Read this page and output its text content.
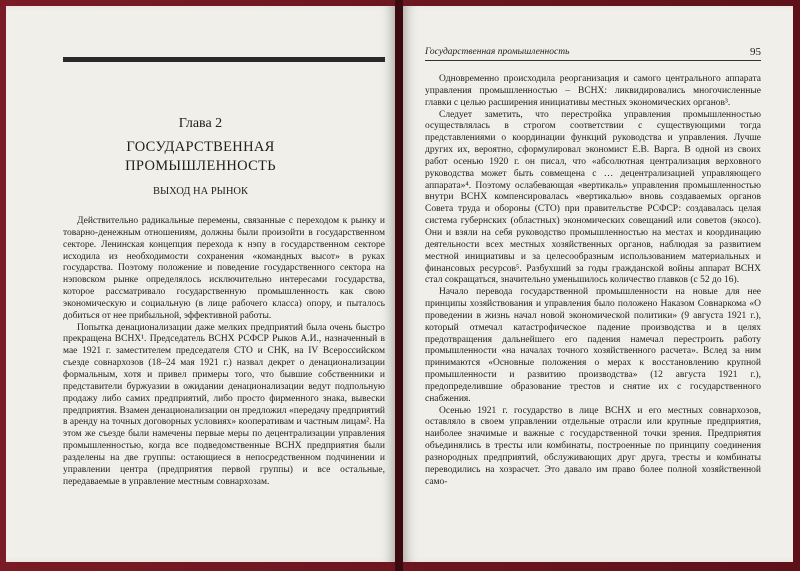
Глава 2
ГОСУДАРСТВЕННАЯ
ПРОМЫШЛЕННОСТЬ
ВЫХОД НА РЫНОК

Действительно радикальные перемены, связанные с переходом к рынку и товарно-денежным отношениям, должны были произойти в государственном секторе. Ленинская концепция перехода к нэпу в государственном секторе исходила из необходимости сохранения «командных высот» в руках государства. Поэтому положение и поведение государственного сектора на нэповском рынке определялось исключительно интересами государства, которое рассматривало государственную промышленность как свою экономическую и социальную (в лице рабочего класса) опору, и пыталось добиться от нее прибыльной, эффективной работы.

Попытка денационализации даже мелких предприятий была очень быстро прекращена ВСНХ¹. Председатель ВСНХ РСФСР Рыков А.И., назначенный в мае 1921 г. заместителем председателя СТО и СНК, на IV Всероссийском съезде совнархозов (18–24 мая 1921 г.) назвал декрет о денационализации формальным, хотя и привел примеры того, что бывшие собственники и представители буржуазии в ожидании денационализации ведут подпольную продажу либо самих предприятий, либо просто фирменного знака, вывески предприятия. Взамен денационализации он предложил «передачу предприятий в аренду на точных договорных условиях» кооперативам и частным лицам². На этом же съезде были намечены первые меры по децентрализации управления промышленностью, когда все подведомственные ВСНХ предприятия были разделены на две группы: остающиеся в непосредственном подчинении и управлении центра (предприятия первой группы) и все остальные, передаваемые в управление местным совнархозам.

Государственная промышленность	95

Одновременно происходила реорганизация и самого центрального аппарата управления промышленностью – ВСНХ: ликвидировались многочисленные главки с целью расширения инициативы местных экономических органов³.

Следует заметить, что перестройка управления промышленностью осуществлялась в строгом соответствии с существующими тогда представлениями о координации функций руководства и управления. Лучше других их, вероятно, сформулировал экономист Е.В. Варга. В одной из своих работ осенью 1920 г. он писал, что «абсолютная централизация верховного руководства может быть совмещена с … децентрализацией управляющего аппарата»⁴. Поэтому ослабевающая «вертикаль» управления промышленностью внутри ВСНХ компенсировалась «вертикалью» вновь создаваемых органов Совета труда и обороны (СТО) при правительстве РСФСР: создавалась целая система губернских (областных) экономических совещаний или советов (экосо). Они и взяли на себя руководство промышленностью на местах и координацию деятельности всех местных хозяйственных органов, наблюдая за развитием местной инициативы и за целесообразным использованием материальных и финансовых ресурсов⁵. Разбухший за годы гражданской войны аппарат ВСНХ стал сокращаться, значительно уменьшилось количество главков (с 52 до 16).

Начало перевода государственной промышленности на новые для нее принципы хозяйствования и управления было положено Наказом Совнаркома «О проведении в жизнь начал новой экономической политики» (9 августа 1921 г.), который отмечал катастрофическое падение производства и в целях предотвращения дальнейшего его падения намечал перестроить работу промышленности «на началах точного хозяйственного расчета». Вслед за ним принимаются «Основные положения о мерах к восстановлению крупной промышленности и развитию производства» (12 августа 1921 г.), предопределившие образование трестов и снятие их с государственного снабжения.

Осенью 1921 г. государство в лице ВСНХ и его местных совнархозов, оставляло в своем управлении отдельные отрасли или крупные предприятия, наиболее значимые и важные с государственной точки зрения. Предприятия объединялись в тресты или комбинаты, построенные по принципу соединения разнородных предприятий, обслуживающих друг друга, тресты и комбинаты переводились на хозрасчет. Это давало им право более полной хозяйственной само-
